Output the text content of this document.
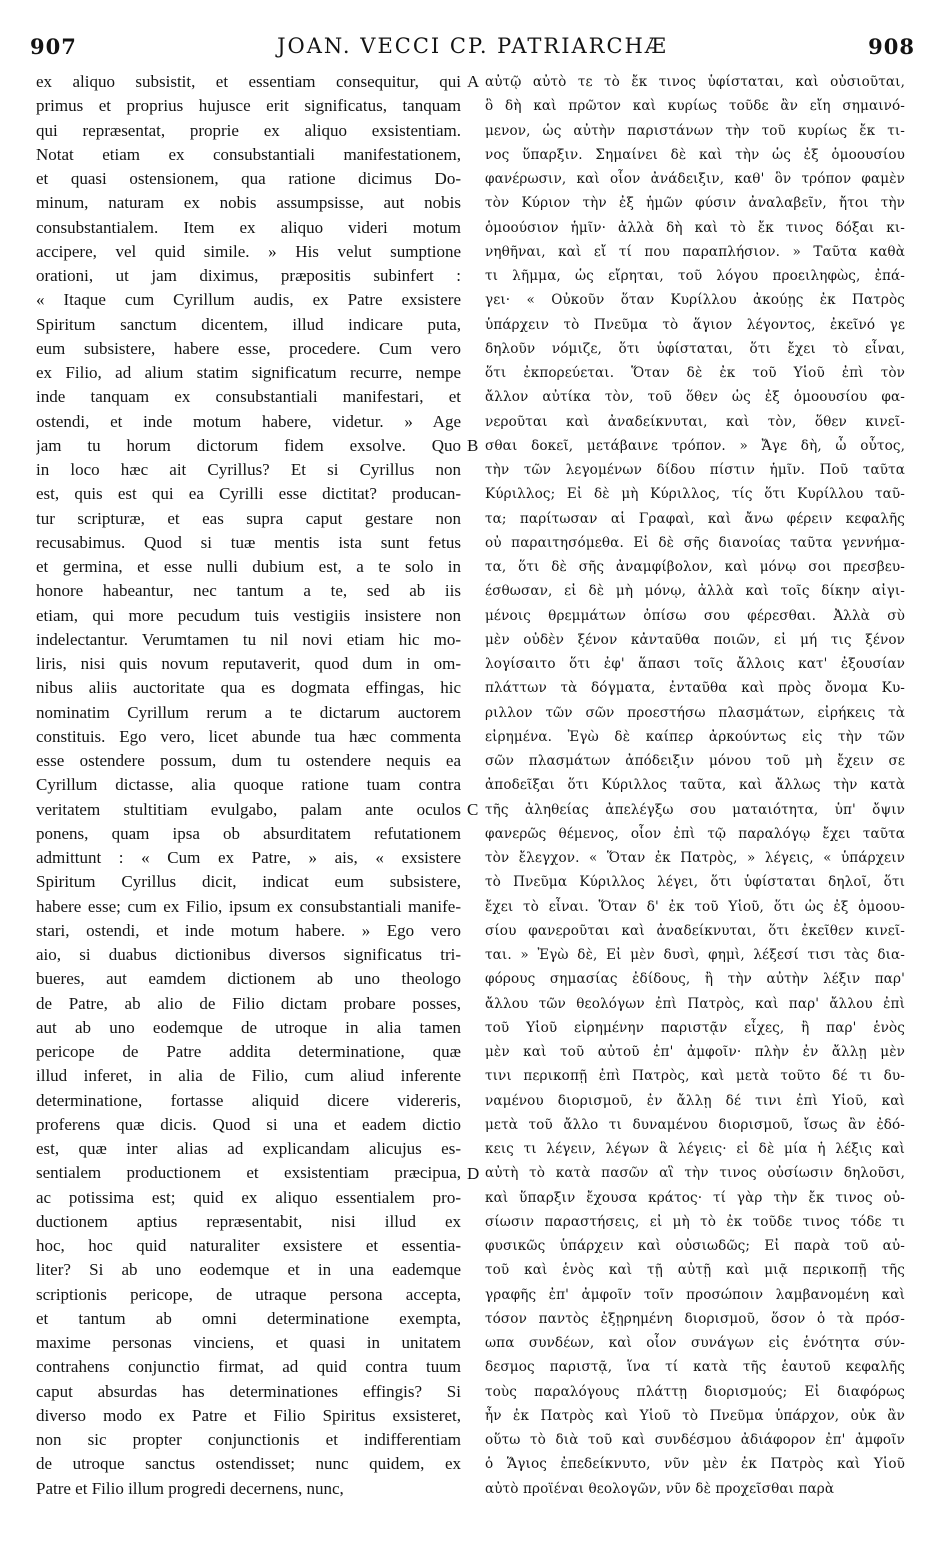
907	JOAN. VECCI CP. PATRIARCHÆ	908
ex aliquo subsistit, et essentiam consequitur, qui
primus et proprius hujusce erit significatus, tanquam
qui repræsentat, proprie ex aliquo exsistentiam.
Notat etiam ex consubstantiali manifestationem,
et quasi ostensionem, qua ratione dicimus Do-
minum, naturam ex nobis assumpsisse, aut nobis
consubstantialem. Item ex aliquo videri motum
accipere, vel quid simile. » His velut sumptione
orationi, ut jam diximus, præpositis subinfert :
« Itaque cum Cyrillum audis, ex Patre exsistere
Spiritum sanctum dicentem, illud indicare puta,
eum subsistere, habere esse, procedere. Cum vero
ex Filio, ad alium statim significatum recurre, nempe
inde tanquam ex consubstantiali manifestari, et
ostendi, et inde motum habere, videtur. » Age
jam tu horum dictorum fidem exsolve. Quo
in loco hæc ait Cyrillus? Et si Cyrillus non
est, quis est qui ea Cyrilli esse dictitat? producan-
tur scripturæ, et eas supra caput gestare non
recusabimus. Quod si tuæ mentis ista sunt fetus
et germina, et esse nulli dubium est, a te solo in
honore habeantur, nec tantum a te, sed ab iis
etiam, qui more pecudum tuis vestigiis insistere non
indelectantur. Verumtamen tu nil novi etiam hic mo-
liris, nisi quis novum reputaverit, quod dum in om-
nibus aliis auctoritate qua es dogmata effingas, hic
nominatim Cyrillum rerum a te dictarum auctorem
constituis. Ego vero, licet abunde tua hæc commenta
esse ostendere possum, dum tu ostendere nequis ea
Cyrillum dictasse, alia quoque ratione tuam contra
veritatem stultitiam evulgabo, palam ante oculos
ponens, quam ipsa ob absurditatem refutationem
admittunt : « Cum ex Patre, » ais, « exsistere
Spiritum Cyrillus dicit, indicat eum subsistere,
habere esse; cum ex Filio, ipsum ex consubstantiali manife-
stari, ostendi, et inde motum habere. » Ego vero
aio, si duabus dictionibus diversos significatus tri-
bueres, aut eamdem dictionem ab uno theologo
de Patre, ab alio de Filio dictam probare posses,
aut ab uno eodemque de utroque in alia tamen
pericope de Patre addita determinatione, quæ
illud inferet, in alia de Filio, cum aliud inferente
determinatione, fortasse aliquid dicere videreris,
proferens quæ dicis. Quod si una et eadem dictio
est, quæ inter alias ad explicandam alicujus es-
sentialem productionem et exsistentiam præcipua,
ac potissima est; quid ex aliquo essentialem pro-
ductionem aptius repræsentabit, nisi illud ex
hoc, hoc quid naturaliter exsistere et essentia-
liter? Si ab uno eodemque et in una eademque
scriptionis pericope, de utraque persona accepta,
et tantum ab omni determinatione exempta,
maxime personas vinciens, et quasi in unitatem
contrahens conjunctio firmat, ad quid contra tuum
caput absurdas has determinationes effingis? Si
diverso modo ex Patre et Filio Spiritus exsisteret,
non sic propter conjunctionis et indifferentiam
de utroque sanctus ostendisset; nunc quidem, ex
Patre et Filio illum progredi decernens, nunc,
A
B
C
D
αὐτῷ αὐτὸ τε τὸ ἔκ τινος ὑφίσταται, καὶ οὐσιοῦται,
ὃ δὴ καὶ πρῶτον καὶ κυρίως τοῦδε ἂν εἴη σημαινό-
μενον, ὡς αὐτὴν παριστάνων τὴν τοῦ κυρίως ἔκ τι-
νος ὕπαρξιν. Σημαίνει δὲ καὶ τὴν ὡς ἐξ ὁμοουσίου
φανέρωσιν, καὶ οἷον ἀνάδειξιν, καθ' ὃν τρόπον φαμὲν
τὸν Κύριον τὴν ἐξ ἡμῶν φύσιν ἀναλαβεῖν, ἤτοι τὴν
ὁμοούσιον ἡμῖν· ἀλλὰ δὴ καὶ τὸ ἔκ τινος δόξαι κι-
νηθῆναι, καὶ εἴ τί που παραπλήσιον. » Ταῦτα καθὰ
τι λῆμμα, ὡς εἴρηται, τοῦ λόγου προειληφὼς, ἐπά-
γει· « Οὐκοῦν ὅταν Κυρίλλου ἀκούῃς ἐκ Πατρὸς
ὑπάρχειν τὸ Πνεῦμα τὸ ἅγιον λέγοντος, ἐκεῖνό γε
δηλοῦν νόμιζε, ὅτι ὑφίσταται, ὅτι ἔχει τὸ εἶναι,
ὅτι ἐκπορεύεται. Ὅταν δὲ ἐκ τοῦ Υἱοῦ ἐπὶ τὸν
ἄλλον αὐτίκα τὸν, τοῦ ὅθεν ὡς ἐξ ὁμοουσίου φα-
νεροῦται καὶ ἀναδείκνυται, καὶ τὸν, ὅθεν κινεῖ-
σθαι δοκεῖ, μετάβαινε τρόπον. » Ἄγε δὴ, ὦ οὗτος,
τὴν τῶν λεγομένων δίδου πίστιν ἡμῖν. Ποῦ ταῦτα
Κύριλλος; Εἰ δὲ μὴ Κύριλλος, τίς ὅτι Κυρίλλου ταῦ-
τα; παρίτωσαν αἱ Γραφαὶ, καὶ ἄνω φέρειν κεφαλῆς
οὐ παραιτησόμεθα. Εἰ δὲ σῆς διανοίας ταῦτα γεννήμα-
τα, ὅτι δὲ σῆς ἀναμφίβολον, καὶ μόνῳ σοι πρεσβευ-
έσθωσαν, εἰ δὲ μὴ μόνῳ, ἀλλὰ καὶ τοῖς δίκην αἰγι-
μένοις θρεμμάτων ὀπίσω σου φέρεσθαι. Ἀλλὰ σὺ
μὲν οὐδὲν ξένον κἀνταῦθα ποιῶν, εἰ μή τις ξένον
λογίσαιτο ὅτι ἐφ' ἅπασι τοῖς ἄλλοις κατ' ἐξουσίαν
πλάττων τὰ δόγματα, ἐνταῦθα καὶ πρὸς ὄνομα Κυ-
ριλλον τῶν σῶν προεστήσω πλασμάτων, εἰρήκεις τὰ
εἰρημένα. Ἐγὼ δὲ καίπερ ἀρκούντως εἰς τὴν τῶν
σῶν πλασμάτων ἀπόδειξιν μόνου τοῦ μὴ ἔχειν σε
ἀποδεῖξαι ὅτι Κύριλλος ταῦτα, καὶ ἄλλως τὴν κατὰ
τῆς ἀληθείας ἀπελέγξω σου ματαιότητα, ὑπ' ὄψιν
φανερῶς θέμενος, οἷον ἐπὶ τῷ παραλόγῳ ἔχει ταῦτα
τὸν ἔλεγχον. « Ὅταν ἐκ Πατρὸς, » λέγεις, « ὑπάρχειν
τὸ Πνεῦμα Κύριλλος λέγει, ὅτι ὑφίσταται δηλοῖ, ὅτι
ἔχει τὸ εἶναι. Ὅταν δ' ἐκ τοῦ Υἱοῦ, ὅτι ὡς ἐξ ὁμοου-
σίου φανεροῦται καὶ ἀναδείκνυται, ὅτι ἐκεῖθεν κινεῖ-
ται. » Ἐγὼ δὲ, Εἰ μὲν δυσὶ, φημὶ, λέξεσί τισι τὰς δια-
φόρους σημασίας ἐδίδους, ἢ τὴν αὐτὴν λέξιν παρ'
ἄλλου τῶν θεολόγων ἐπὶ Πατρὸς, καὶ παρ' ἄλλου ἐπὶ
τοῦ Υἱοῦ εἰρημένην παριστᾷν εἶχες, ἢ παρ' ἑνὸς
μὲν καὶ τοῦ αὐτοῦ ἐπ' ἀμφοῖν· πλὴν ἐν ἄλλῃ μὲν
τινι περικοπῇ ἐπὶ Πατρὸς, καὶ μετὰ τοῦτο δέ τι δυ-
ναμένου διορισμοῦ, ἐν ἄλλῃ δέ τινι ἐπὶ Υἱοῦ, καὶ
μετὰ τοῦ ἄλλο τι δυναμένου διορισμοῦ, ἴσως ἂν ἐδό-
κεις τι λέγειν, λέγων ἃ λέγεις· εἰ δὲ μία ἡ λέξις καὶ
αὐτὴ τὸ κατὰ πασῶν αἳ τὴν τινος οὐσίωσιν δηλοῦσι,
καὶ ὕπαρξιν ἔχουσα κράτος· τί γὰρ τὴν ἔκ τινος οὐ-
σίωσιν παραστήσεις, εἰ μὴ τὸ ἐκ τοῦδε τινος τόδε τι
φυσικῶς ὑπάρχειν καὶ οὐσιωδῶς; Εἰ παρὰ τοῦ αὐ-
τοῦ καὶ ἑνὸς καὶ τῇ αὐτῇ καὶ μιᾷ περικοπῇ τῆς
γραφῆς ἐπ' ἀμφοῖν τοῖν προσώποιν λαμβανομένη καὶ
τόσον παντὸς ἐξῃρημένη διορισμοῦ, ὅσον ὁ τὰ πρόσ-
ωπα συνδέων, καὶ οἷον συνάγων εἰς ἑνότητα σύν-
δεσμος παριστᾷ, ἵνα τί κατὰ τῆς ἑαυτοῦ κεφαλῆς
τοὺς παραλόγους πλάττῃ διορισμούς; Εἰ διαφόρως
ἦν ἐκ Πατρὸς καὶ Υἱοῦ τὸ Πνεῦμα ὑπάρχον, οὐκ ἂν
οὕτω τὸ διὰ τοῦ καὶ συνδέσμου ἀδιάφορον ἐπ' ἀμφοῖν
ὁ Ἅγιος ἐπεδείκνυτο, νῦν μὲν ἐκ Πατρὸς καὶ Υἱοῦ
αὐτὸ προϊέναι θεολογῶν, νῦν δὲ προχεῖσθαι παρὰ
